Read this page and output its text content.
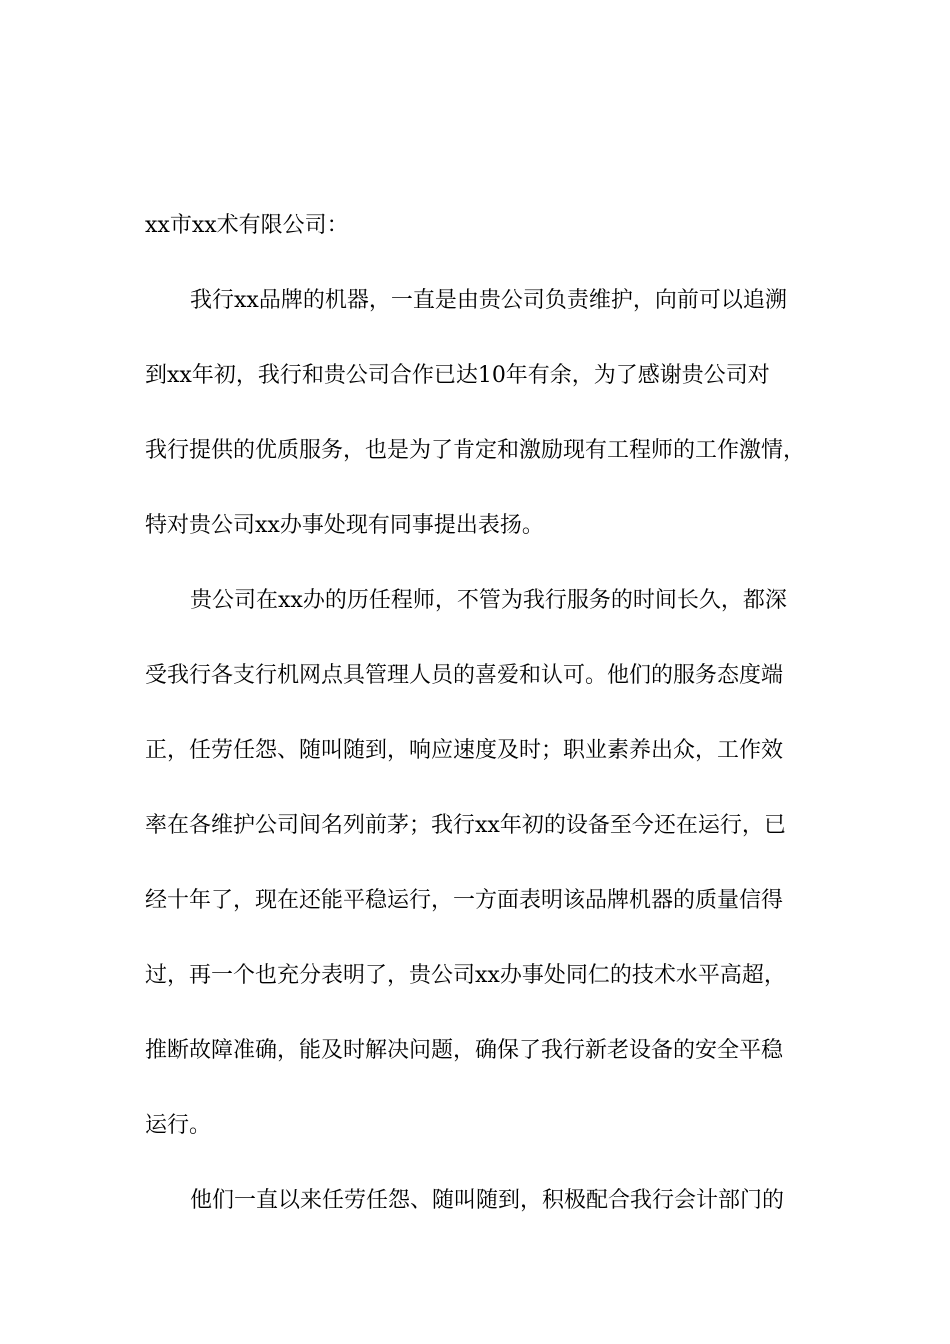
xx市xx术有限公司：
我行xx品牌的机器，一直是由贵公司负责维护，向前可以追溯
到xx年初，我行和贵公司合作已达10年有余，为了感谢贵公司对
我行提供的优质服务，也是为了肯定和激励现有工程师的工作激情，
特对贵公司xx办事处现有同事提出表扬。
贵公司在xx办的历任程师，不管为我行服务的时间长久，都深
受我行各支行机网点具管理人员的喜爱和认可。他们的服务态度端
正，任劳任怨、随叫随到，响应速度及时；职业素养出众，工作效
率在各维护公司间名列前茅；我行xx年初的设备至今还在运行，已
经十年了，现在还能平稳运行，一方面表明该品牌机器的质量信得
过，再一个也充分表明了，贵公司xx办事处同仁的技术水平高超，
推断故障准确，能及时解决问题，确保了我行新老设备的安全平稳
运行。
他们一直以来任劳任怨、随叫随到，积极配合我行会计部门的
